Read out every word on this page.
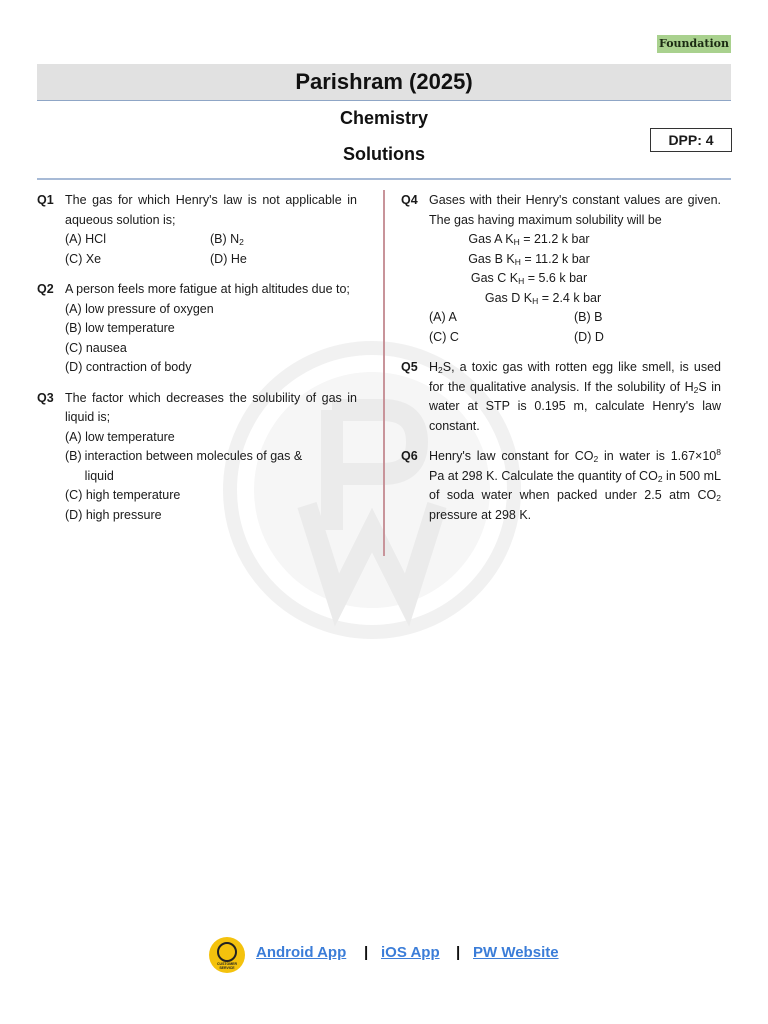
Foundation
Parishram (2025)
Chemistry
DPP: 4
Solutions
Q1 The gas for which Henry's law is not applicable in aqueous solution is;
(A) HCl	(B) $N_2$
(C) Xe	(D) He
Q2 A person feels more fatigue at high altitudes due to;
(A) low pressure of oxygen
(B) low temperature
(C) nausea
(D) contraction of body
Q3 The factor which decreases the solubility of gas in liquid is;
(A) low temperature
(B) interaction between molecules of gas &
liquid
(C) high temperature
(D) high pressure
Q4 Gases with their Henry's constant values are given. The gas having maximum solubility will be
Gas A $K_H = 21.2$ k bar
Gas B $K_H = 11.2$ k bar
Gas C $K_H = 5.6$ k bar
Gas D $K_H = 2.4$ k bar
(A) A	(B) B
(C) C	(D) D
Q5 $H_2S$, a toxic gas with rotten egg like smell, is used for the qualitative analysis. If the solubility of $H_2S$ in water at STP is 0.195 m, calculate Henry's law constant.
Q6 Henry's law constant for $CO_2$ in water is $1.67\times 10^8$ Pa at 298 K. Calculate the quantity of $CO_2$ in 500 mL of soda water when packed under 2.5 atm $CO_2$ pressure at 298 K.
CUSTOMER SERVICE
Android App | iOS App | PW Website
